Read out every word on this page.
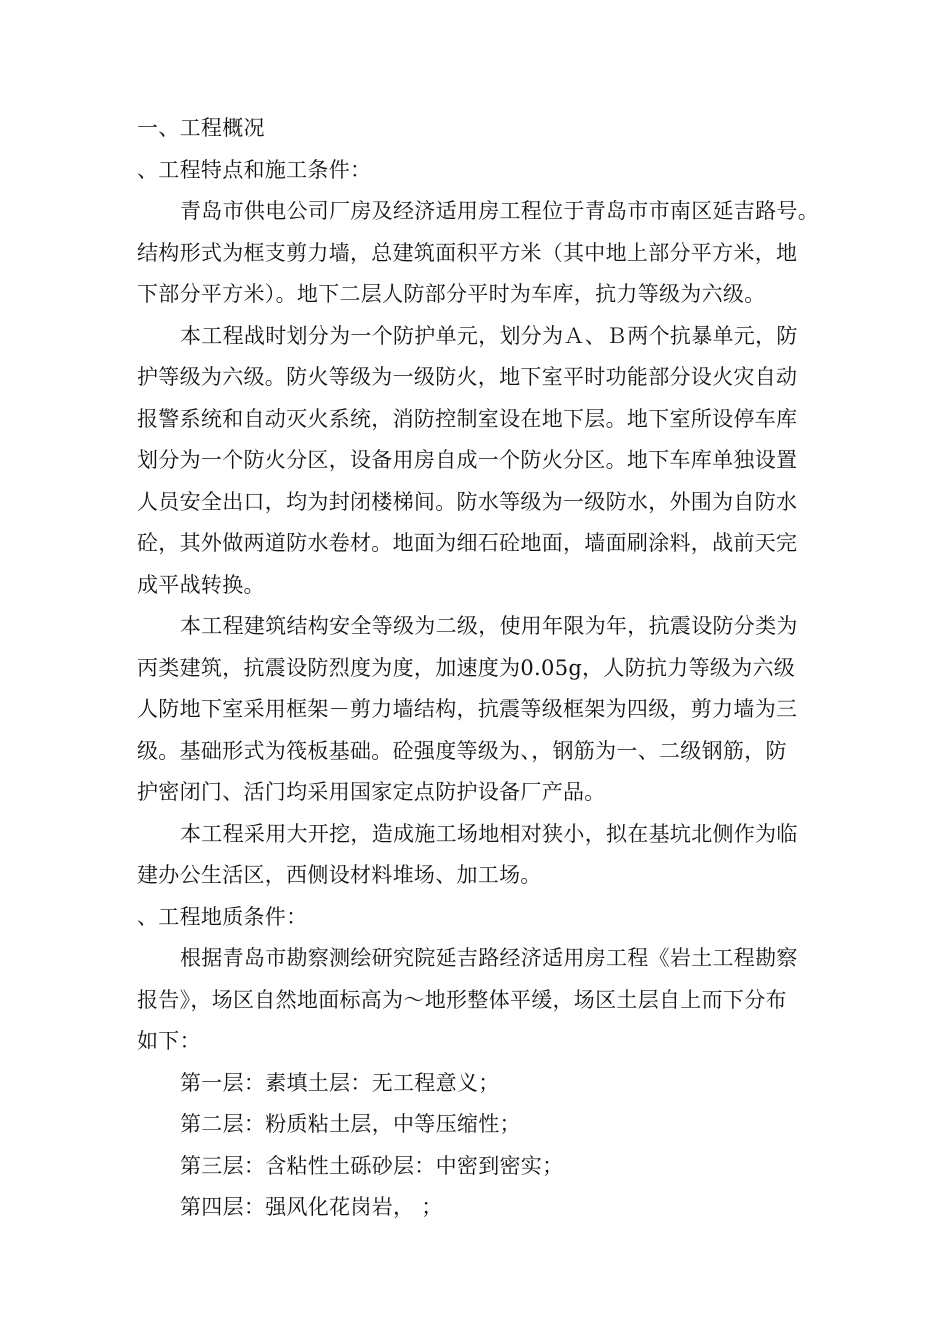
一、工程概况
、工程特点和施工条件：
青岛市供电公司厂房及经济适用房工程位于青岛市市南区延吉路号。
结构形式为框支剪力墙，总建筑面积平方米（其中地上部分平方米，地
下部分平方米）。地下二层人防部分平时为车库，抗力等级为六级。
本工程战时划分为一个防护单元，划分为Ａ、Ｂ两个抗暴单元，防
护等级为六级。防火等级为一级防火，地下室平时功能部分设火灾自动
报警系统和自动灭火系统，消防控制室设在地下层。地下室所设停车库
划分为一个防火分区，设备用房自成一个防火分区。地下车库单独设置
人员安全出口，均为封闭楼梯间。防水等级为一级防水，外围为自防水
砼，其外做两道防水卷材。地面为细石砼地面，墙面刷涂料，战前天完
成平战转换。
本工程建筑结构安全等级为二级，使用年限为年，抗震设防分类为
丙类建筑，抗震设防烈度为度，加速度为0.05g，人防抗力等级为六级
人防地下室采用框架－剪力墙结构，抗震等级框架为四级，剪力墙为三
级。基础形式为筏板基础。砼强度等级为、，钢筋为一、二级钢筋，防
护密闭门、活门均采用国家定点防护设备厂产品。
本工程采用大开挖，造成施工场地相对狭小，拟在基坑北侧作为临
建办公生活区，西侧设材料堆场、加工场。
、工程地质条件：
根据青岛市勘察测绘研究院延吉路经济适用房工程《岩土工程勘察
报告》，场区自然地面标高为～地形整体平缓，场区土层自上而下分布
如下：
第一层：素填土层：无工程意义；
第二层：粉质粘土层，中等压缩性；
第三层：含粘性土砾砂层：中密到密实；
第四层：强风化花岗岩， ；
